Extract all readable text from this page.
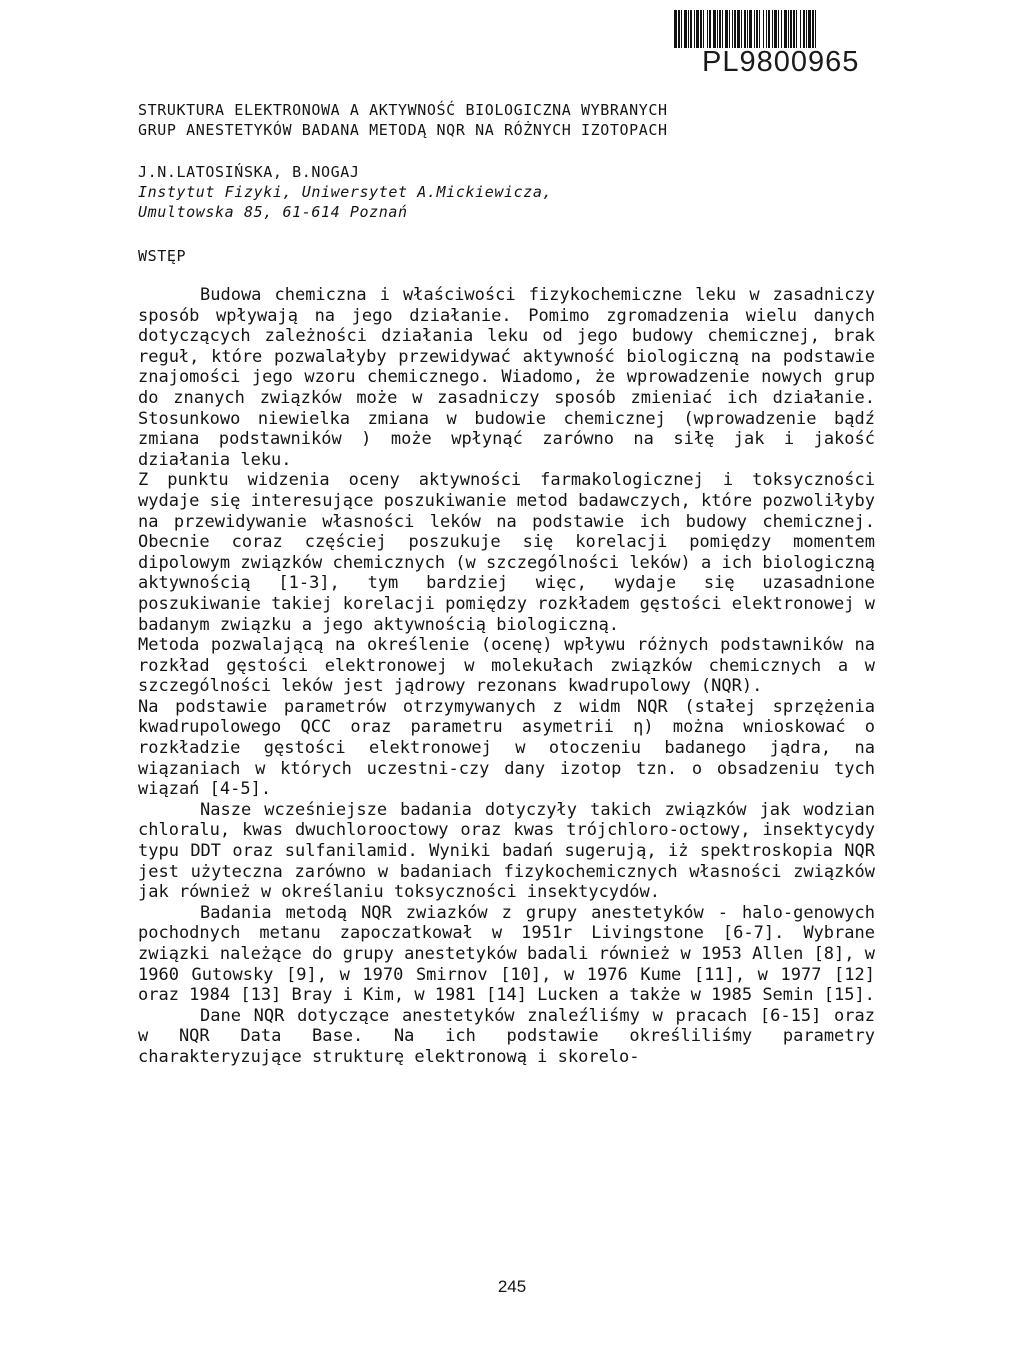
PL9800965
STRUKTURA ELEKTRONOWA A AKTYWNOŚĆ BIOLOGICZNA WYBRANYCH
GRUP ANESTETYKÓW BADANA METODĄ NQR NA RÓŻNYCH IZOTOPACH
J.N.LATOSIŃSKA, B.NOGAJ
Instytut Fizyki, Uniwersytet A.Mickiewicza,
Umultowska 85, 61-614 Poznań
WSTĘP

Budowa chemiczna i właściwości fizykochemiczne leku w zasadniczy sposób wpływają na jego działanie. Pomimo zgromadzenia wielu danych dotyczących zależności działania leku od jego budowy chemicznej, brak reguł, które pozwalałyby przewidywać aktywność biologiczną na podstawie znajomości jego wzoru chemicznego. Wiadomo, że wprowadzenie nowych grup do znanych związków może w zasadniczy sposób zmieniać ich działanie. Stosunkowo niewielka zmiana w budowie chemicznej (wprowadzenie bądź zmiana podstawników ) może wpłynąć zarówno na siłę jak i jakość działania leku.

Z punktu widzenia oceny aktywności farmakologicznej i toksyczności wydaje się interesujące poszukiwanie metod badawczych, które pozwoliłyby na przewidywanie własności leków na podstawie ich budowy chemicznej. Obecnie coraz częściej poszukuje się korelacji pomiędzy momentem dipolowym związków chemicznych (w szczególności leków) a ich biologiczną aktywnością [1-3], tym bardziej więc, wydaje się uzasadnione poszukiwanie takiej korelacji pomiędzy rozkładem gęstości elektronowej w badanym związku a jego aktywnością biologiczną.

Metoda pozwalającą na określenie (ocenę) wpływu różnych podstawników na rozkład gęstości elektronowej w molekułach związków chemicznych a w szczególności leków jest jądrowy rezonans kwadrupolowy (NQR).

Na podstawie parametrów otrzymywanych z widm NQR (stałej sprzężenia kwadrupolowego QCC oraz parametru asymetrii η) można wnioskować o rozkładzie gęstości elektronowej w otoczeniu badanego jądra, na wiązaniach w których uczestni-czy dany izotop tzn. o obsadzeniu tych wiązań [4-5].

Nasze wcześniejsze badania dotyczyły takich związków jak wodzian chloralu, kwas dwuchlorooctowy oraz kwas trójchloro-octowy, insektycydy typu DDT oraz sulfanilamid. Wyniki badań sugerują, iż spektroskopia NQR jest użyteczna zarówno w badaniach fizykochemicznych własności związków jak również w określaniu toksyczności insektycydów.

Badania metodą NQR zwiazków z grupy anestetyków - halo-genowych pochodnych metanu zapoczatkował w 1951r Livingstone [6-7]. Wybrane związki należące do grupy anestetyków badali również w 1953 Allen [8], w 1960 Gutowsky [9], w 1970 Smirnov [10], w 1976 Kume [11], w 1977 [12] oraz 1984 [13] Bray i Kim, w 1981 [14] Lucken a także w 1985 Semin [15].

Dane NQR dotyczące anestetyków znaleźliśmy w pracach [6-15] oraz w NQR Data Base. Na ich podstawie określiliśmy parametry charakteryzujące strukturę elektronową i skorelo-

245
